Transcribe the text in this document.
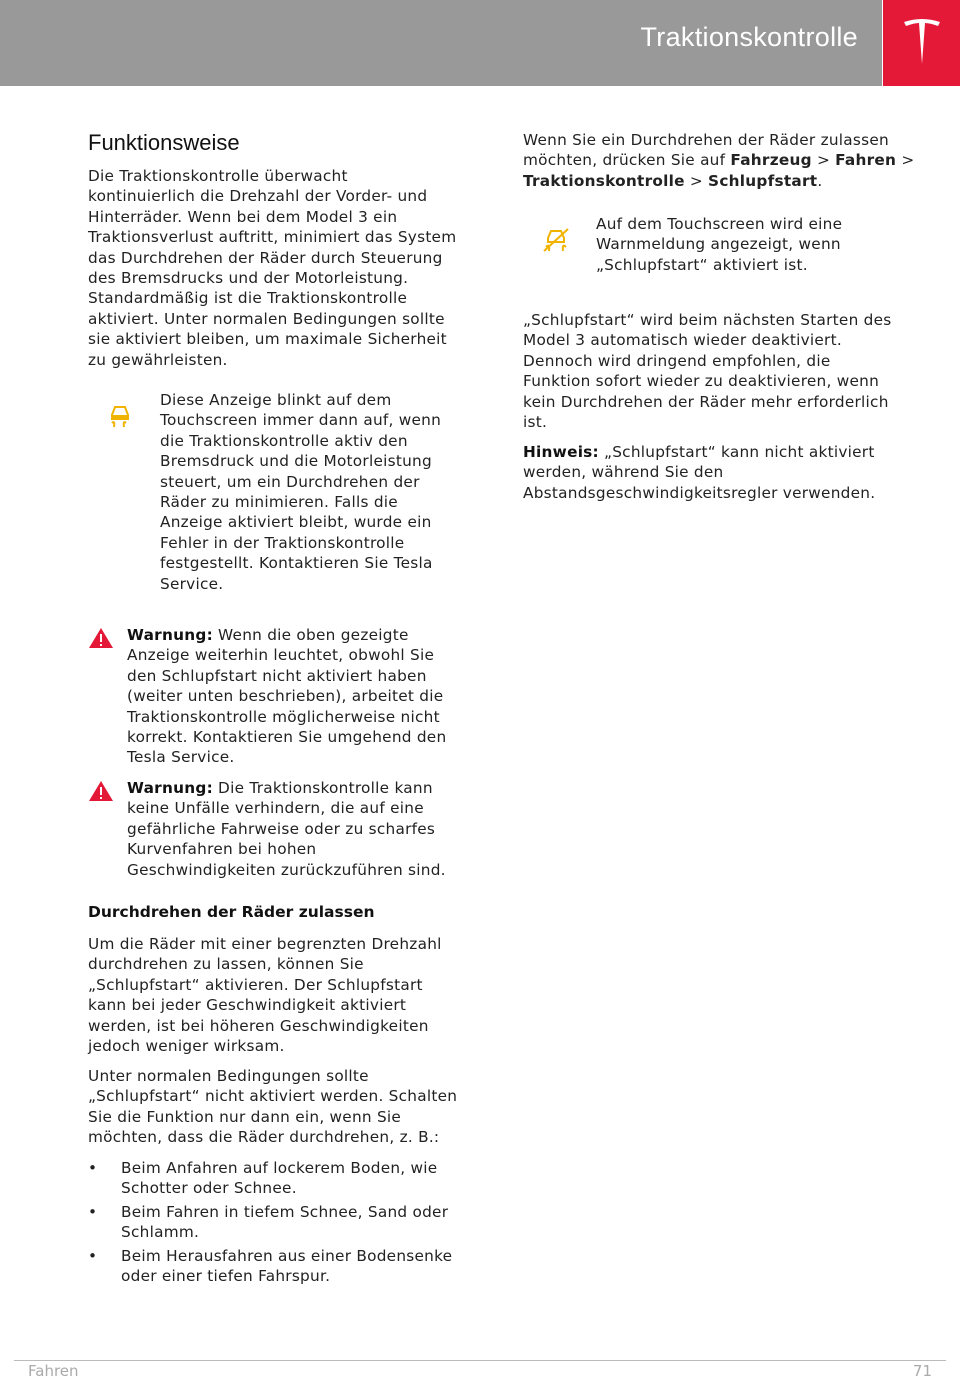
Traktionskontrolle
Funktionsweise
Die Traktionskontrolle überwacht
kontinuierlich die Drehzahl der Vorder- und
Hinterräder. Wenn bei dem Model 3 ein
Traktionsverlust auftritt, minimiert das System
das Durchdrehen der Räder durch Steuerung
des Bremsdrucks und der Motorleistung.
Standardmäßig ist die Traktionskontrolle
aktiviert. Unter normalen Bedingungen sollte
sie aktiviert bleiben, um maximale Sicherheit
zu gewährleisten.
Diese Anzeige blinkt auf dem
Touchscreen immer dann auf, wenn
die Traktionskontrolle aktiv den
Bremsdruck und die Motorleistung
steuert, um ein Durchdrehen der
Räder zu minimieren. Falls die
Anzeige aktiviert bleibt, wurde ein
Fehler in der Traktionskontrolle
festgestellt. Kontaktieren Sie Tesla
Service.
Warnung: Wenn die oben gezeigte
Anzeige weiterhin leuchtet, obwohl Sie
den Schlupfstart nicht aktiviert haben
(weiter unten beschrieben), arbeitet die
Traktionskontrolle möglicherweise nicht
korrekt. Kontaktieren Sie umgehend den
Tesla Service.
Warnung: Die Traktionskontrolle kann
keine Unfälle verhindern, die auf eine
gefährliche Fahrweise oder zu scharfes
Kurvenfahren bei hohen
Geschwindigkeiten zurückzuführen sind.
Durchdrehen der Räder zulassen
Um die Räder mit einer begrenzten Drehzahl
durchdrehen zu lassen, können Sie
„Schlupfstart“ aktivieren. Der Schlupfstart
kann bei jeder Geschwindigkeit aktiviert
werden, ist bei höheren Geschwindigkeiten
jedoch weniger wirksam.
Unter normalen Bedingungen sollte
„Schlupfstart“ nicht aktiviert werden. Schalten
Sie die Funktion nur dann ein, wenn Sie
möchten, dass die Räder durchdrehen, z. B.:
• Beim Anfahren auf lockerem Boden, wie
Schotter oder Schnee.
• Beim Fahren in tiefem Schnee, Sand oder
Schlamm.
• Beim Herausfahren aus einer Bodensenke
oder einer tiefen Fahrspur.
Wenn Sie ein Durchdrehen der Räder zulassen
möchten, drücken Sie auf Fahrzeug > Fahren >
Traktionskontrolle > Schlupfstart.
Auf dem Touchscreen wird eine
Warnmeldung angezeigt, wenn
„Schlupfstart“ aktiviert ist.
„Schlupfstart“ wird beim nächsten Starten des
Model 3 automatisch wieder deaktiviert.
Dennoch wird dringend empfohlen, die
Funktion sofort wieder zu deaktivieren, wenn
kein Durchdrehen der Räder mehr erforderlich
ist.
Hinweis: „Schlupfstart“ kann nicht aktiviert
werden, während Sie den
Abstandsgeschwindigkeitsregler verwenden.
Fahren	71
